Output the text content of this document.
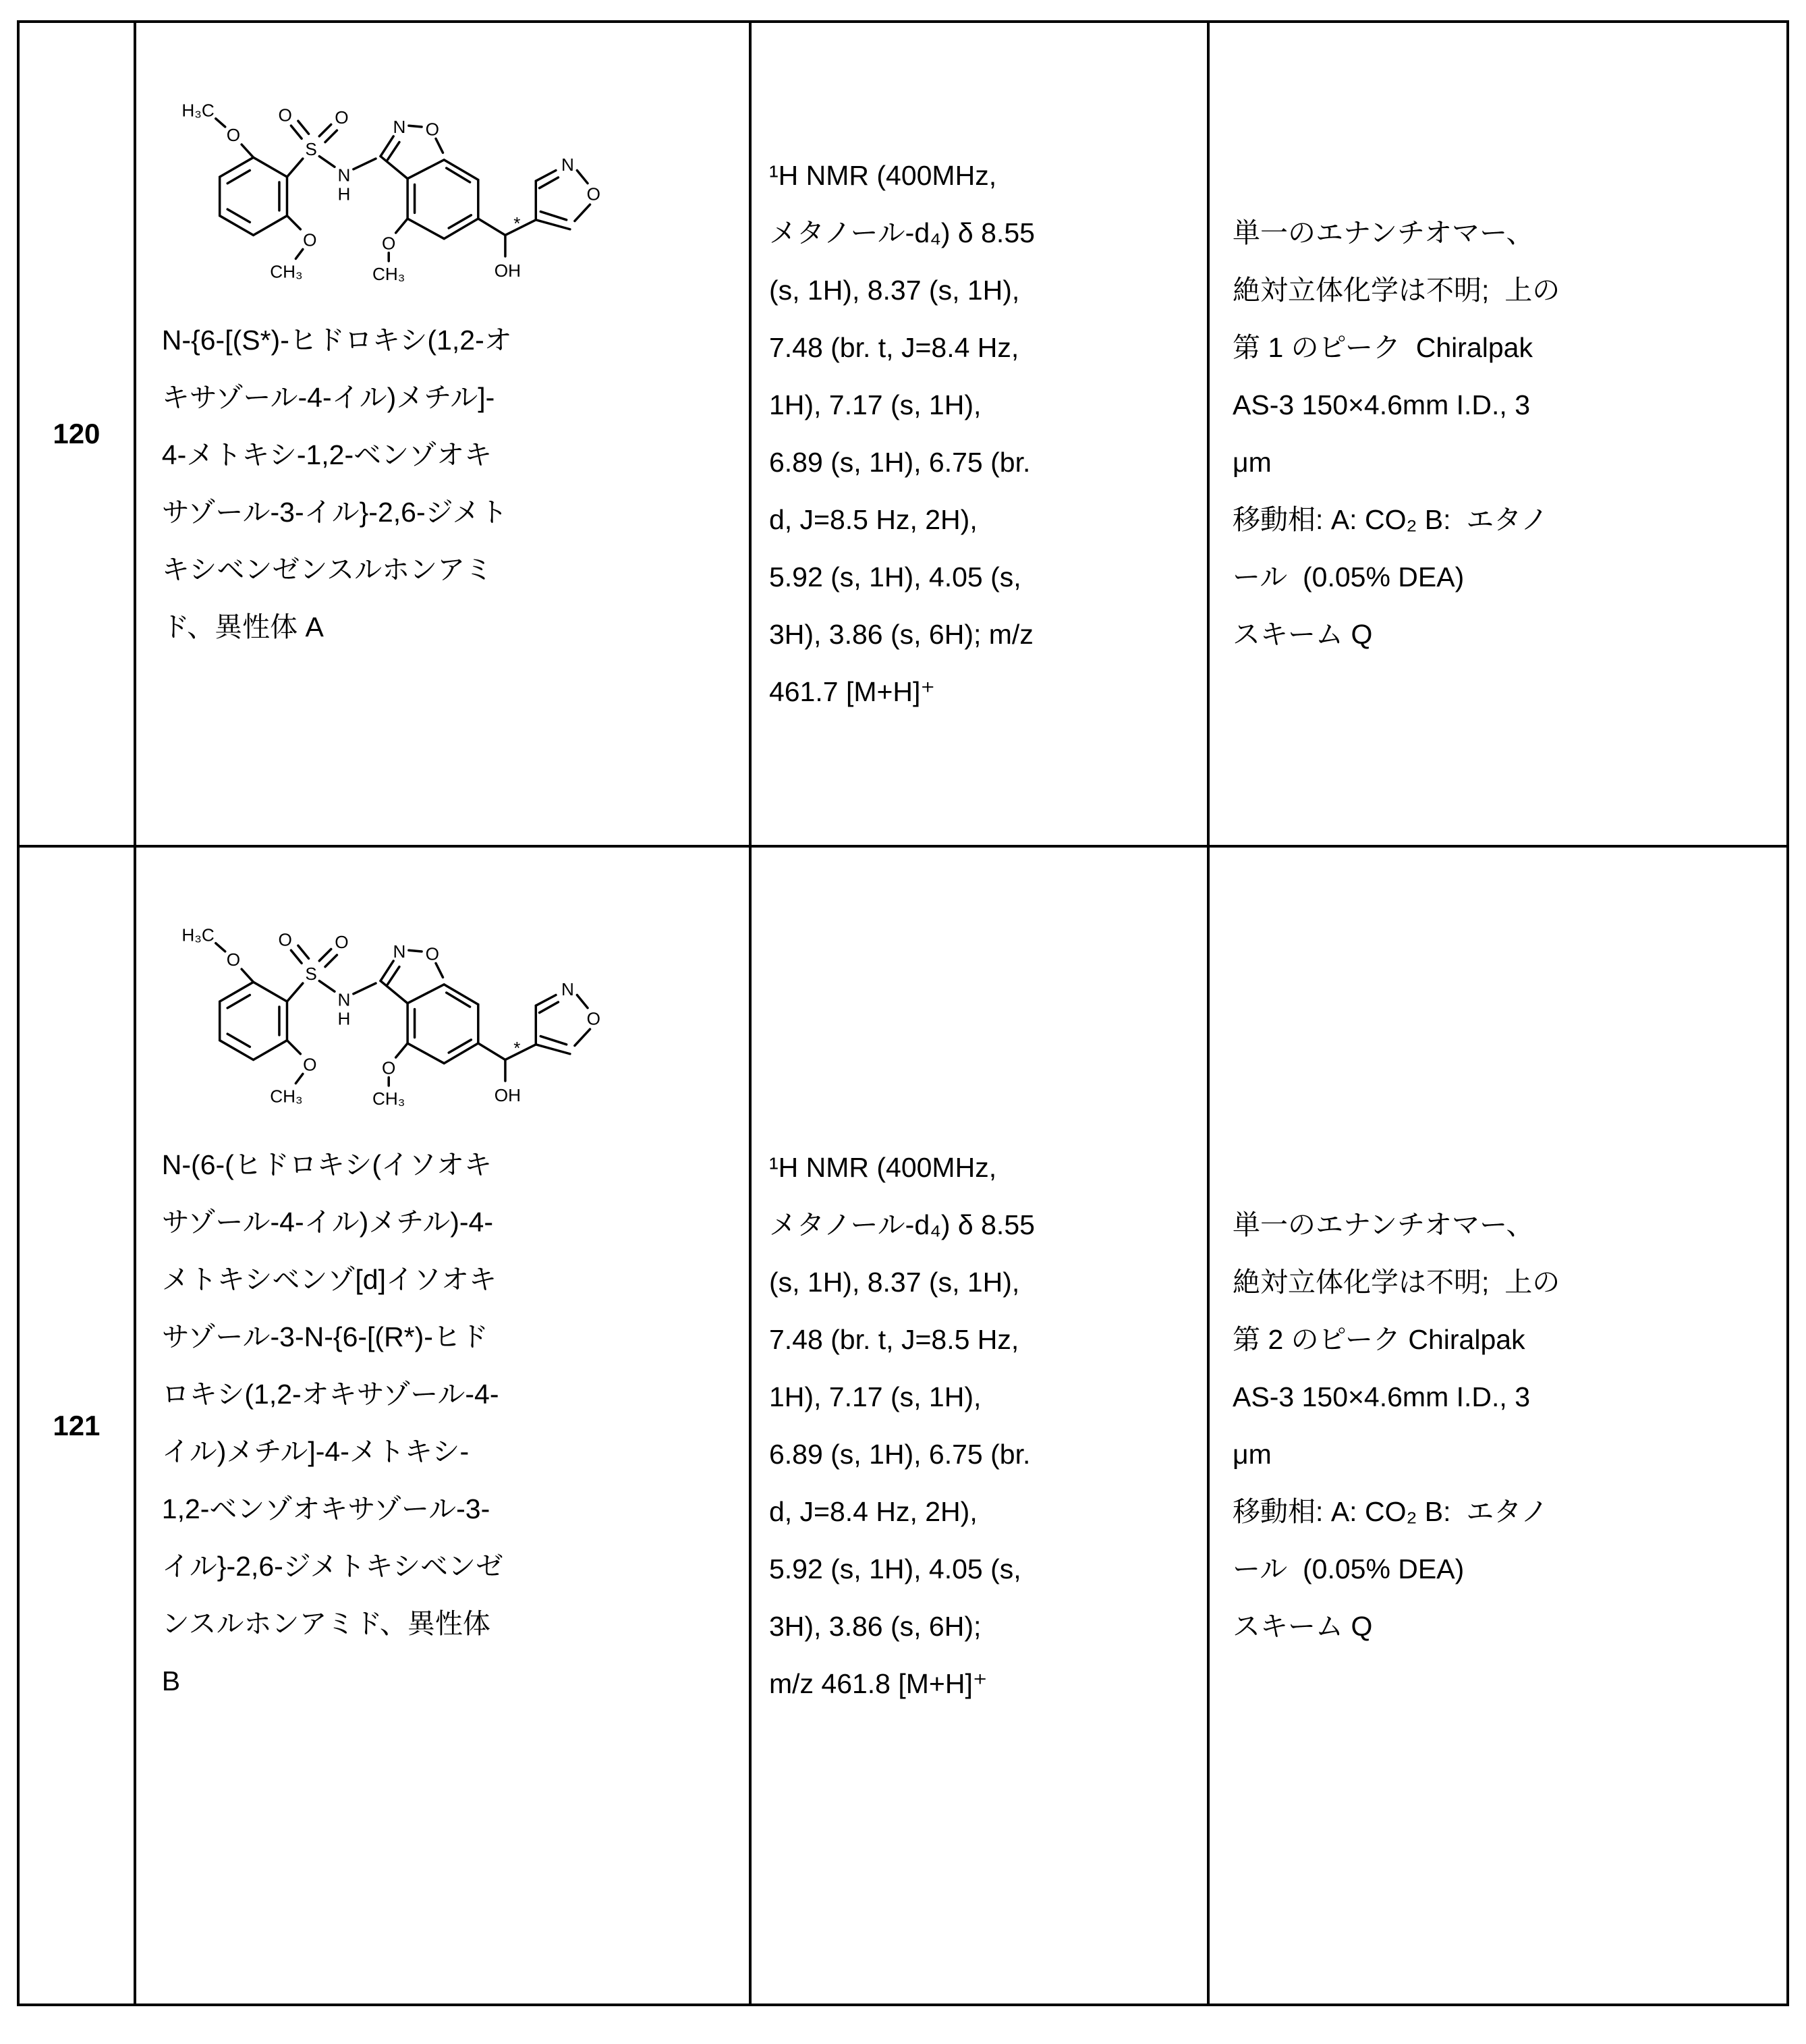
120	
N-{6-[(S*)-ヒドロキシ(1,2-オ
キサゾール-4-イル)メチル]-
4-メトキシ-1,2-ベンゾオキ
サゾール-3-イル}-2,6-ジメト
キシベンゼンスルホンアミ
ド、異性体 A

¹H NMR (400MHz,
メタノール-d₄) δ 8.55
(s, 1H), 8.37 (s, 1H),
7.48 (br. t, J=8.4 Hz,
1H), 7.17 (s, 1H),
6.89 (s, 1H), 6.75 (br.
d, J=8.5 Hz, 2H),
5.92 (s, 1H), 4.05 (s,
3H), 3.86 (s, 6H); m/z
461.7 [M+H]⁺

単一のエナンチオマー、
絶対立体化学は不明;  上の
第 1 のピーク  Chiralpak
AS-3 150×4.6mm I.D., 3
μm
移動相: A: CO₂ B:  エタノ
ール  (0.05% DEA)
スキーム Q

121	
N-(6-(ヒドロキシ(イソオキ
サゾール-4-イル)メチル)-4-
メトキシベンゾ[d]イソオキ
サゾール-3-N-{6-[(R*)-ヒド
ロキシ(1,2-オキサゾール-4-
イル)メチル]-4-メトキシ-
1,2-ベンゾオキサゾール-3-
イル}-2,6-ジメトキシベンゼ
ンスルホンアミド、異性体
B

¹H NMR (400MHz,
メタノール-d₄) δ 8.55
(s, 1H), 8.37 (s, 1H),
7.48 (br. t, J=8.5 Hz,
1H), 7.17 (s, 1H),
6.89 (s, 1H), 6.75 (br.
d, J=8.4 Hz, 2H),
5.92 (s, 1H), 4.05 (s,
3H), 3.86 (s, 6H);
m/z 461.8 [M+H]⁺

単一のエナンチオマー、
絶対立体化学は不明;  上の
第 2 のピーク Chiralpak
AS-3 150×4.6mm I.D., 3
μm
移動相: A: CO₂ B:  エタノ
ール  (0.05% DEA)
スキーム Q
